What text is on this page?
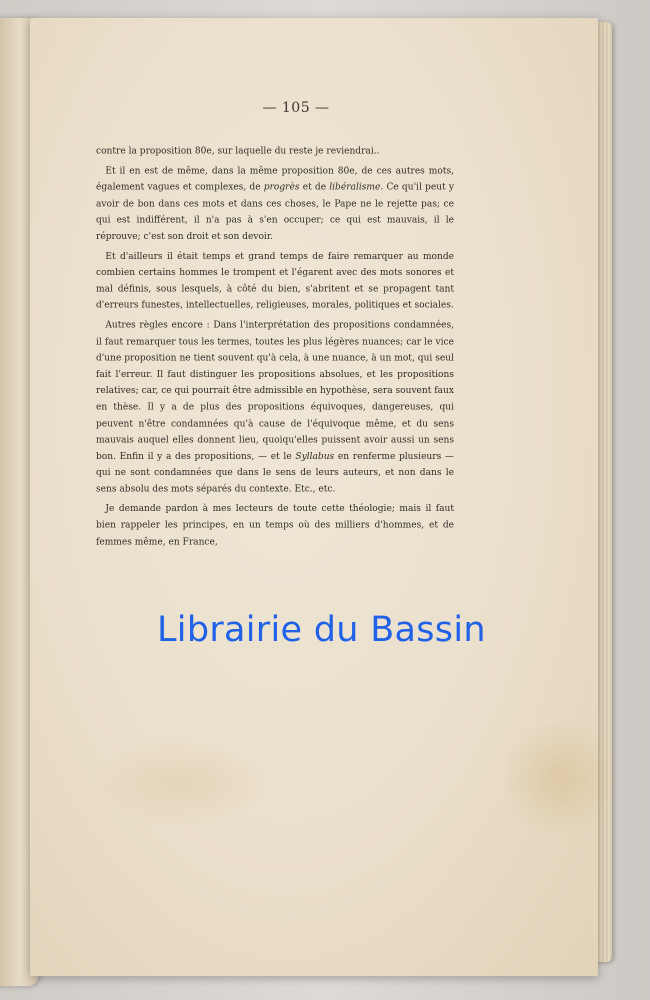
— 105 —

contre la proposition 80e, sur laquelle du reste je reviendrai..

Et il en est de même, dans la même proposition 80e, de ces autres mots, également vagues et complexes, de progrès et de libéralisme. Ce qu'il peut y avoir de bon dans ces mots et dans ces choses, le Pape ne le rejette pas; ce qui est indifférent, il n'a pas à s'en occuper; ce qui est mauvais, il le réprouve; c'est son droit et son devoir.

Et d'ailleurs il était temps et grand temps de faire remarquer au monde combien certains hommes le trompent et l'égarent avec des mots sonores et mal définis, sous lesquels, à côté du bien, s'abritent et se propagent tant d'erreurs funestes, intellectuelles, religieuses, morales, politiques et sociales.

Autres règles encore : Dans l'interprétation des propositions condamnées, il faut remarquer tous les termes, toutes les plus légères nuances; car le vice d'une proposition ne tient souvent qu'à cela, à une nuance, à un mot, qui seul fait l'erreur. Il faut distinguer les propositions absolues, et les propositions relatives; car, ce qui pourrait être admissible en hypothèse, sera souvent faux en thèse. Il y a de plus des propositions équivoques, dangereuses, qui peuvent n'être condamnées qu'à cause de l'équivoque même, et du sens mauvais auquel elles donnent lieu, quoiqu'elles puissent avoir aussi un sens bon. Enfin il y a des propositions, — et le Syllabus en renferme plusieurs — qui ne sont condamnées que dans le sens de leurs auteurs, et non dans le sens absolu des mots séparés du contexte. Etc., etc.

Je demande pardon à mes lecteurs de toute cette théologie; mais il faut bien rappeler les principes, en un temps où des milliers d'hommes, et de femmes même, en France,

Librairie du Bassin
